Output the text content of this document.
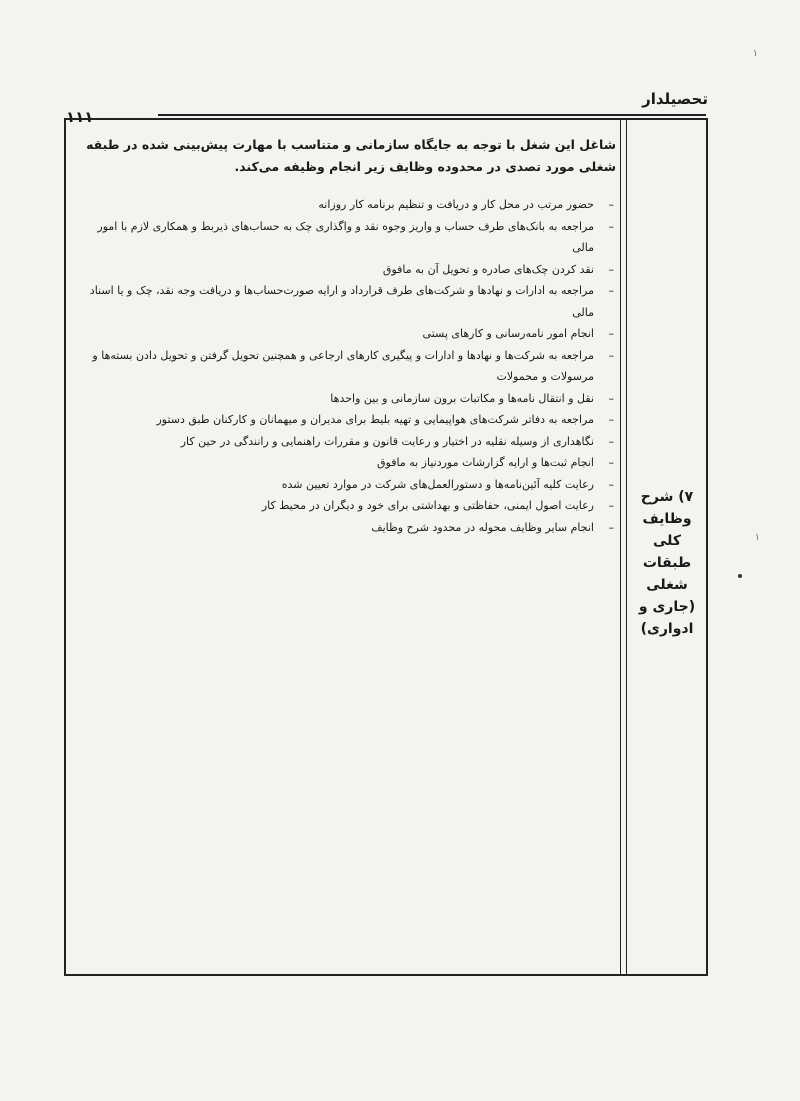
تحصیلدار
۱۱۱
۱
۱
۷) شرح وظایف کلی طبقات شغلی (جاری و ادواری)

شاغل این شغل با توجه به جایگاه سازمانی و متناسب با مهارت پیش‌بینی شده در طبقه شغلی مورد تصدی در محدوده وظایف زیر انجام وظیفه می‌کند.

–
حضور مرتب در محل کار و دریافت و تنظیم برنامه کار روزانه
–
مراجعه به بانک‌های طرف حساب و واریز وجوه نقد و واگذاری چک به حساب‌های ذیربط و همکاری لازم با امور مالی
–
نقد کردن چک‌های صادره و تحویل آن به مافوق
–
مراجعه به ادارات و نهادها و شرکت‌های طرف قرارداد و ارایه صورت‌حساب‌ها و دریافت وجه نقد، چک و یا اسناد مالی
–
انجام امور نامه‌رسانی و کارهای پستی
–
مراجعه به شرکت‌ها و نهادها و ادارات و پیگیری کارهای ارجاعی و همچنین تحویل گرفتن و تحویل دادن بسته‌ها و مرسولات و محمولات
–
نقل و انتقال نامه‌ها و مکاتبات برون سازمانی و بین واحدها
–
مراجعه به دفاتر شرکت‌های هواپیمایی و تهیه بلیط برای مدیران و میهمانان و کارکنان طبق دستور
–
نگاهداری از وسیله نقلیه در اختیار و رعایت قانون و مقررات راهنمایی و رانندگی در حین کار
–
انجام ثبت‌ها و ارایه گزارشات موردنیاز به مافوق
–
رعایت کلیه آئین‌نامه‌ها و دستورالعمل‌های شرکت در موارد تعیین شده
–
رعایت اصول ایمنی، حفاظتی و بهداشتی برای خود و دیگران در محیط کار
–
انجام سایر وظایف محوله در محدود شرح وظایف
